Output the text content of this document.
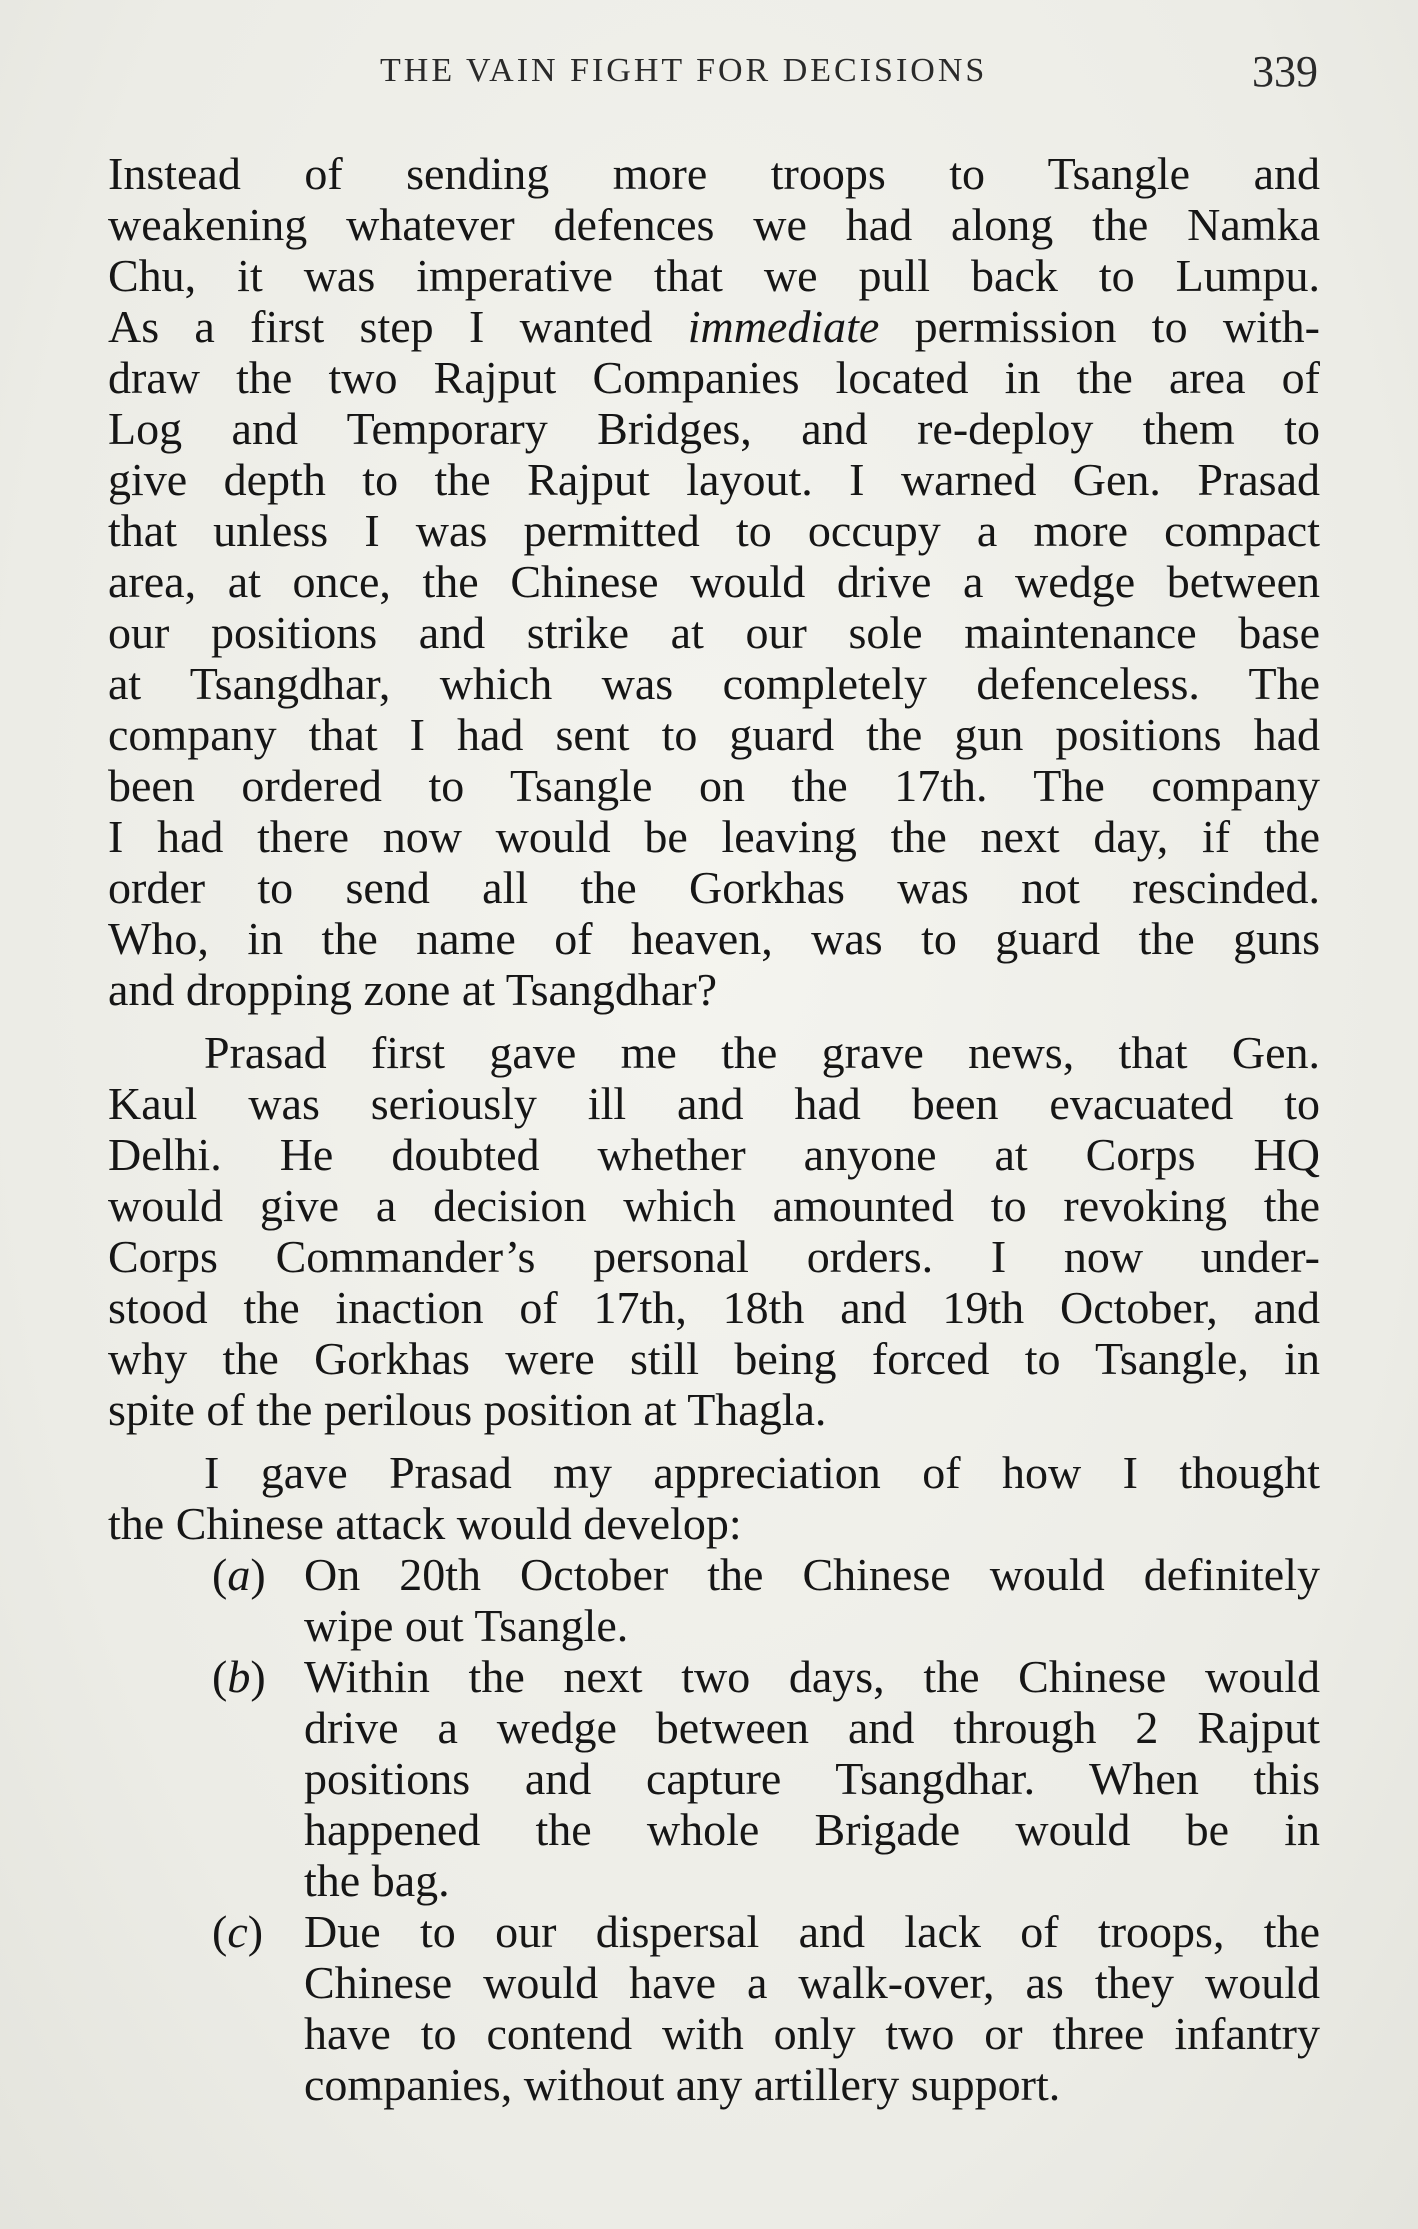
THE VAIN FIGHT FOR DECISIONS	339
Instead of sending more troops to Tsangle and
weakening whatever defences we had along the Namka
Chu, it was imperative that we pull back to Lumpu.
As a first step I wanted immediate permission to with-
draw the two Rajput Companies located in the area of
Log and Temporary Bridges, and re-deploy them to
give depth to the Rajput layout. I warned Gen. Prasad
that unless I was permitted to occupy a more compact
area, at once, the Chinese would drive a wedge between
our positions and strike at our sole maintenance base
at Tsangdhar, which was completely defenceless. The
company that I had sent to guard the gun positions had
been ordered to Tsangle on the 17th. The company
I had there now would be leaving the next day, if the
order to send all the Gorkhas was not rescinded.
Who, in the name of heaven, was to guard the guns
and dropping zone at Tsangdhar?
Prasad first gave me the grave news, that Gen.
Kaul was seriously ill and had been evacuated to
Delhi. He doubted whether anyone at Corps HQ
would give a decision which amounted to revoking the
Corps Commander’s personal orders. I now under-
stood the inaction of 17th, 18th and 19th October, and
why the Gorkhas were still being forced to Tsangle, in
spite of the perilous position at Thagla.
I gave Prasad my appreciation of how I thought
the Chinese attack would develop:
(a) On 20th October the Chinese would definitely
wipe out Tsangle.
(b) Within the next two days, the Chinese would
drive a wedge between and through 2 Rajput
positions and capture Tsangdhar. When this
happened the whole Brigade would be in
the bag.
(c) Due to our dispersal and lack of troops, the
Chinese would have a walk-over, as they would
have to contend with only two or three infantry
companies, without any artillery support.
